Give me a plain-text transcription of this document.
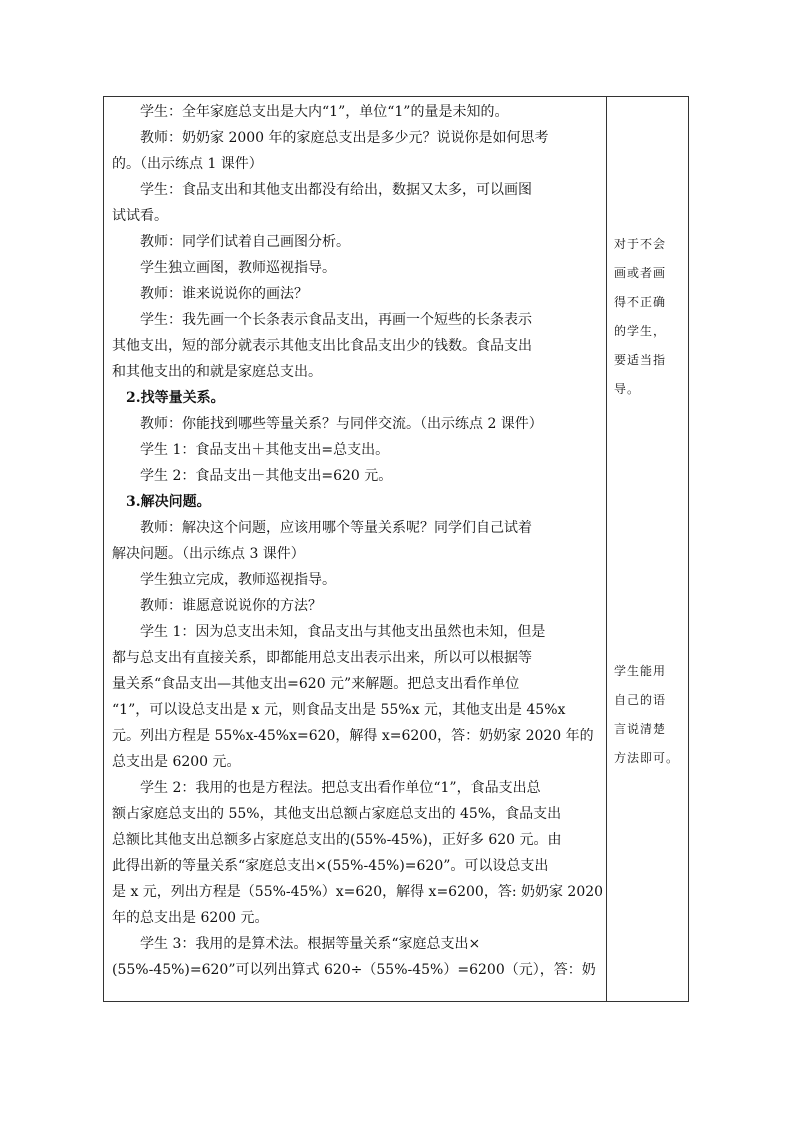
学生：全年家庭总支出是大内“1”，单位“1”的量是未知的。

教师：奶奶家 2000 年的家庭总支出是多少元？说说你是如何思考

的。（出示练点 1 课件）

学生：食品支出和其他支出都没有给出，数据又太多，可以画图

试试看。

教师：同学们试着自己画图分析。

学生独立画图，教师巡视指导。

教师：谁来说说你的画法？

学生：我先画一个长条表示食品支出，再画一个短些的长条表示

其他支出，短的部分就表示其他支出比食品支出少的钱数。食品支出

和其他支出的和就是家庭总支出。

2.找等量关系。

教师：你能找到哪些等量关系？与同伴交流。（出示练点 2 课件）

学生 1：食品支出＋其他支出=总支出。

学生 2：食品支出－其他支出=620 元。

3.解决问题。

教师：解决这个问题，应该用哪个等量关系呢？同学们自己试着

解决问题。（出示练点 3 课件）

学生独立完成，教师巡视指导。

教师：谁愿意说说你的方法？

学生 1：因为总支出未知，食品支出与其他支出虽然也未知，但是

都与总支出有直接关系，即都能用总支出表示出来，所以可以根据等

量关系“食品支出—其他支出=620 元”来解题。把总支出看作单位

“1”，可以设总支出是 x 元，则食品支出是 55%x 元，其他支出是 45%x

元。列出方程是 55%x-45%x=620，解得 x=6200，答：奶奶家 2020 年的

总支出是 6200 元。

学生 2：我用的也是方程法。把总支出看作单位“1”，食品支出总

额占家庭总支出的 55%，其他支出总额占家庭总支出的 45%，食品支出

总额比其他支出总额多占家庭总支出的(55%-45%)，正好多 620 元。由

此得出新的等量关系“家庭总支出×(55%-45%)=620”。可以设总支出

是 x 元，列出方程是（55%-45%）x=620，解得 x=6200，答: 奶奶家 2020

年的总支出是 6200 元。

学生 3：我用的是算术法。根据等量关系“家庭总支出×

(55%-45%)=620”可以列出算式 620÷（55%-45%）=6200（元），答：奶

对于不会
画或者画
得不正确
的学生，
要适当指
导。
学生能用
自己的语
言说清楚
方法即可。
